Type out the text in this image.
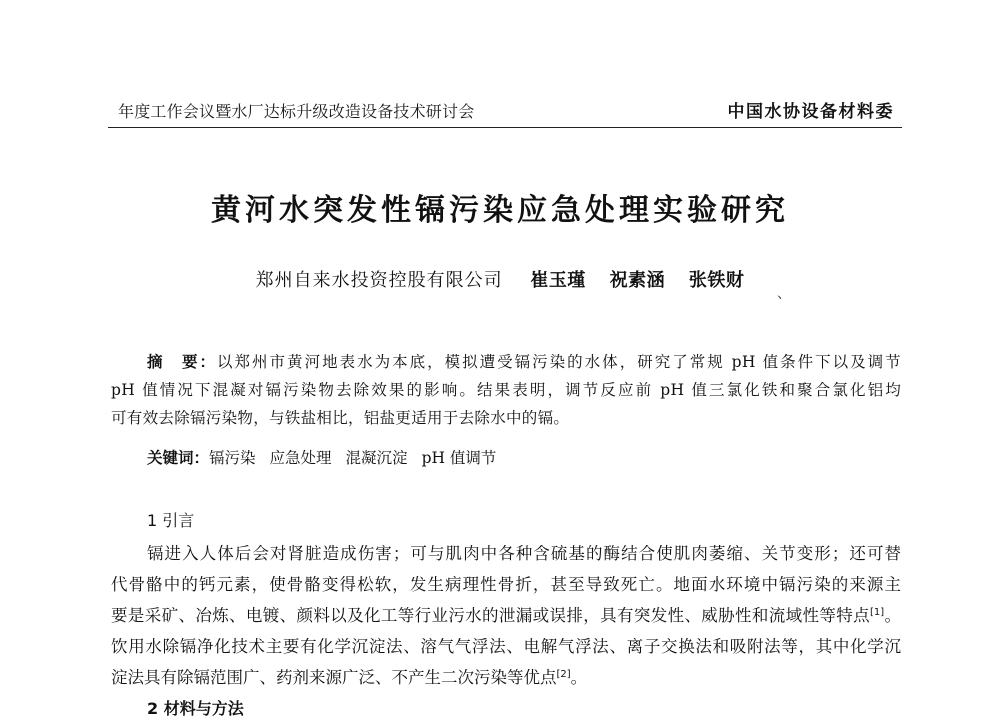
年度工作会议暨水厂达标升级改造设备技术研讨会	中国水协设备材料委
黄河水突发性镉污染应急处理实验研究
郑州自来水投资控股有限公司 崔玉瑾 祝素涵 张铁财
、
摘　要：以郑州市黄河地表水为本底，模拟遭受镉污染的水体，研究了常规 pH 值条件下以及调节
pH 值情况下混凝对镉污染物去除效果的影响。结果表明，调节反应前 pH 值三氯化铁和聚合氯化铝均
可有效去除镉污染物，与铁盐相比，铝盐更适用于去除水中的镉。
关键词：镉污染 应急处理 混凝沉淀 pH 值调节
1 引言
镉进入人体后会对肾脏造成伤害；可与肌肉中各种含硫基的酶结合使肌肉萎缩、关节变形；还可替
代骨骼中的钙元素，使骨骼变得松软，发生病理性骨折，甚至导致死亡。地面水环境中镉污染的来源主
要是采矿、冶炼、电镀、颜料以及化工等行业污水的泄漏或误排，具有突发性、威胁性和流域性等特点[1]。
饮用水除镉净化技术主要有化学沉淀法、溶气气浮法、电解气浮法、离子交换法和吸附法等，其中化学沉
淀法具有除镉范围广、药剂来源广泛、不产生二次污染等优点[2]。
2 材料与方法
